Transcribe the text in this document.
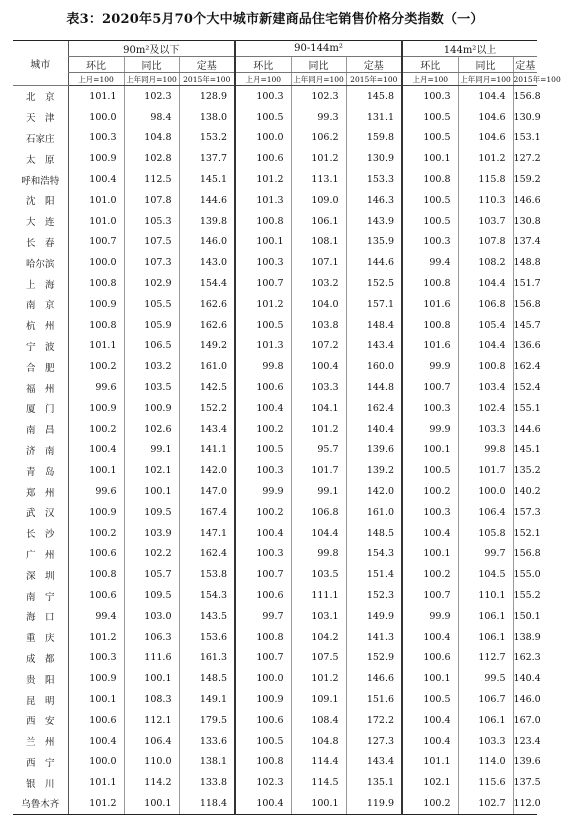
表3：2020年5月70个大中城市新建商品住宅销售价格分类指数（一）
城市	90m²及以下			90-144m²			144m²以上		
	环比	同比	定基	环比	同比	定基	环比	同比	定基
	上月=100	上年同月=100	2015年=100	上月=100	上年同月=100	2015年=100	上月=100	上年同月=100	2015年=100
北　京	101.1	102.3	128.9	100.3	102.3	145.8	100.3	104.4	156.8
天　津	100.0	98.4	138.0	100.5	99.3	131.1	100.5	104.6	130.9
石家庄	100.3	104.8	153.2	100.0	106.2	159.8	100.5	104.6	153.1
太　原	100.9	102.8	137.7	100.6	101.2	130.9	100.1	101.2	127.2
呼和浩特	100.4	112.5	145.1	101.2	113.1	153.3	100.8	115.8	159.2
沈　阳	101.0	107.8	144.6	101.3	109.0	146.3	100.5	110.3	146.6
大　连	101.0	105.3	139.8	100.8	106.1	143.9	100.5	103.7	130.8
长　春	100.7	107.5	146.0	100.1	108.1	135.9	100.3	107.8	137.4
哈尔滨	100.0	107.3	143.0	100.3	107.1	144.6	99.4	108.2	148.8
上　海	100.8	102.9	154.4	100.7	103.2	152.5	100.8	104.4	151.7
南　京	100.9	105.5	162.6	101.2	104.0	157.1	101.6	106.8	156.8
杭　州	100.8	105.9	162.6	100.5	103.8	148.4	100.8	105.4	145.7
宁　波	101.1	106.5	149.2	101.3	107.2	143.4	101.6	104.4	136.6
合　肥	100.2	103.2	161.0	99.8	100.4	160.0	99.9	100.8	162.4
福　州	99.6	103.5	142.5	100.6	103.3	144.8	100.7	103.4	152.4
厦　门	100.9	100.9	152.2	100.4	104.1	162.4	100.3	102.4	155.1
南　昌	100.2	102.6	143.4	100.2	101.2	140.4	99.9	103.3	144.6
济　南	100.4	99.1	141.1	100.5	95.7	139.6	100.1	99.8	145.1
青　岛	100.1	102.1	142.0	100.3	101.7	139.2	100.5	101.7	135.2
郑　州	99.6	100.1	147.0	99.9	99.1	142.0	100.2	100.0	140.2
武　汉	100.9	109.5	167.4	100.2	106.8	161.0	100.3	106.4	157.3
长　沙	100.2	103.9	147.1	100.4	104.4	148.5	100.4	105.8	152.1
广　州	100.6	102.2	162.4	100.3	99.8	154.3	100.1	99.7	156.8
深　圳	100.8	105.7	153.8	100.7	103.5	151.4	100.2	104.5	155.0
南　宁	100.6	109.5	154.3	100.6	111.1	152.3	100.7	110.1	155.2
海　口	99.4	103.0	143.5	99.7	103.1	149.9	99.9	106.1	150.1
重　庆	101.2	106.3	153.6	100.8	104.2	141.3	100.4	106.1	138.9
成　都	100.3	111.6	161.3	100.7	107.5	152.9	100.6	112.7	162.3
贵　阳	100.9	100.1	148.5	100.0	101.2	146.6	100.1	99.5	140.4
昆　明	100.1	108.3	149.1	100.9	109.1	151.6	100.5	106.7	146.0
西　安	100.6	112.1	179.5	100.6	108.4	172.2	100.4	106.1	167.0
兰　州	100.4	106.4	133.6	100.5	104.8	127.3	100.4	103.3	123.4
西　宁	100.0	110.0	138.1	100.8	114.4	143.4	101.1	114.0	139.6
银　川	101.1	114.2	133.8	102.3	114.5	135.1	102.1	115.6	137.5
乌鲁木齐	101.2	100.1	118.4	100.4	100.1	119.9	100.2	102.7	112.0
